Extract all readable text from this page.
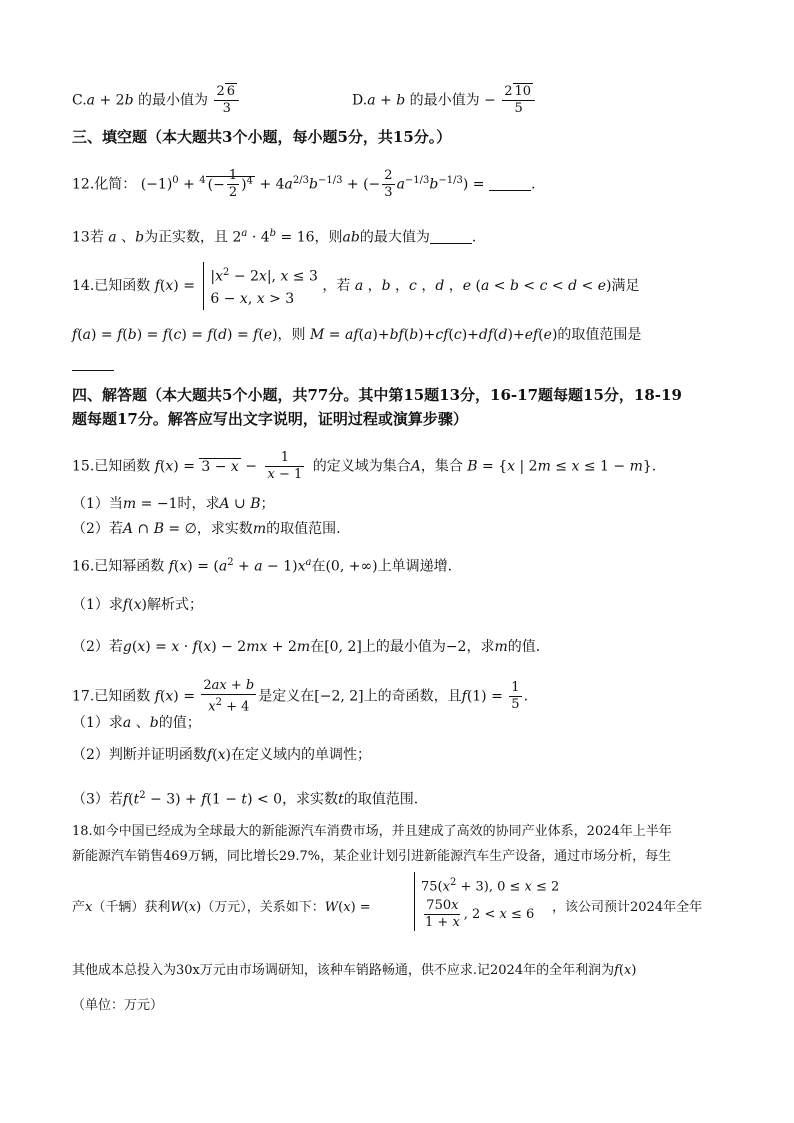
C.a + 2b 的最小值为 $\frac{2 6}{3}$	D.a + b 的最小值为 − $\frac{2 10}{5}$
三、填空题（本大题共3个小题，每小题5分，共15分。）
12.化简： $(-1)^0 + ^4$ (− $\frac{1}{2} )^4 + 4a^{2/3}b^{-1/3}$ + (− $\frac{2}{3} a^{-1/3}b^{-1/3}$) =	.
13若 a 、b为正实数，且 $2^a \cdot 4^b = 16$，则ab的最大值为	.
14.已知函数 f(x) =
$|x^2 - 2x|$, x ≤ 3
6 − x, x > 3
，若 a ，b ，c ，d ，e (a < b < c < d < e)满足
f(a) = f(b) = f(c) = f(d) = f(e)，则 M = af(a)+bf(b)+cf(c)+df(d)+ef(e)的取值范围是
四、解答题（本大题共5个小题，共77分。其中第15题13分，16-17题每题15分，18-19
题每题17分。解答应写出文字说明，证明过程或演算步骤）
15.已知函数 $f(x) = 3 - x - \frac{1}{x - 1}$ 的定义域为集合A，集合 B = {x | 2m ≤ x ≤ 1 − m}.
（1）当m = −1时，求A ∪ B；
（2）若A ∩ B = ∅，求实数m的取值范围.
16.已知幂函数 $f(x) = (a^2 + a - 1)x^a$在(0, +∞)上单调递增.
（1）求f(x)解析式；
（2）若g(x) = x · f(x) − 2mx + 2m在[0, 2]上的最小值为−2，求m的值.
17.已知函数 $f(x) = \frac{2ax + b}{x^2 + 4}$ 是定义在[−2, 2]上的奇函数，且$f(1) = \frac{1}{5}$ .
（1）求a 、b的值；
（2）判断并证明函数f(x)在定义域内的单调性；
（3）若$f(t^2 - 3) + f(1 - t) < 0$，求实数t的取值范围.
18.如今中国已经成为全球最大的新能源汽车消费市场，并且建成了高效的协同产业体系，2024年上半年
新能源汽车销售469万辆，同比增长29.7%，某企业计划引进新能源汽车生产设备，通过市场分析，每生
产x（千辆）获利W(x)（万元），关系如下：W(x) =
$75(x^2 + 3)$, 0 ≤ x ≤ 2
$\frac{750x}{1 + x}$ , 2 < x ≤ 6	，该公司预计2024年全年
其他成本总投入为30x万元由市场调研知，该种车销路畅通，供不应求.记2024年的全年利润为f(x)
（单位：万元）
